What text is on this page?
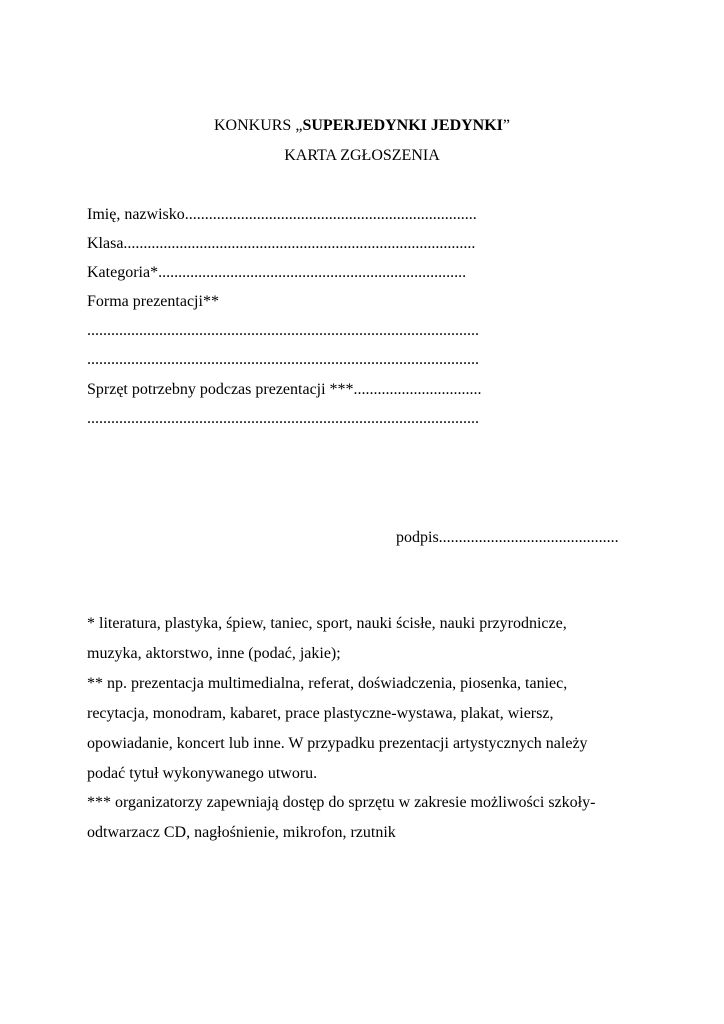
KONKURS „SUPERJEDYNKI JEDYNKI”
KARTA ZGŁOSZENIA
Imię, nazwisko.........................................................................
Klasa........................................................................................
Kategoria*.............................................................................
Forma prezentacji**
..................................................................................................
..................................................................................................
Sprzęt potrzebny podczas prezentacji ***................................
..................................................................................................
podpis.............................................
* literatura, plastyka, śpiew, taniec, sport, nauki ścisłe, nauki przyrodnicze,
muzyka, aktorstwo, inne (podać, jakie);
** np. prezentacja multimedialna, referat, doświadczenia, piosenka, taniec,
recytacja, monodram, kabaret, prace plastyczne-wystawa, plakat, wiersz,
opowiadanie, koncert lub inne. W przypadku prezentacji artystycznych należy
podać tytuł wykonywanego utworu.
*** organizatorzy zapewniają dostęp do sprzętu w zakresie możliwości szkoły-
odtwarzacz CD, nagłośnienie, mikrofon, rzutnik
